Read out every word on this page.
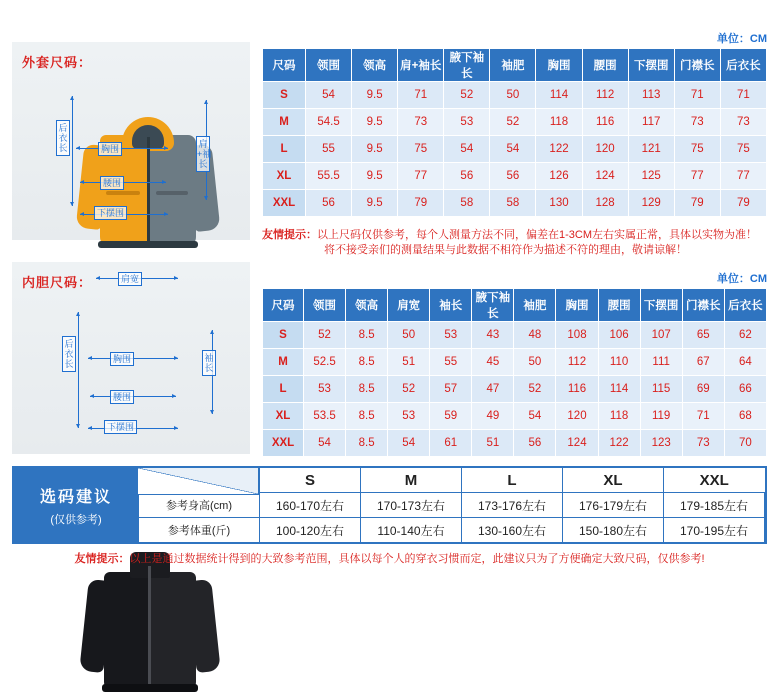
外套尺码：
后衣长	胸围
腰围
下摆围
肩+袖长
内胆尺码：	肩宽
后衣长	胸围
腰围
下摆围
袖长
单位：CM
单位：CM
尺码	领围	领高	肩+袖长	腋下袖长	袖肥	胸围	腰围	下摆围	门襟长	后衣长
S	54	9.5	71	52	50	114	112	113	71	71
M	54.5	9.5	73	53	52	118	116	117	73	73
L	55	9.5	75	54	54	122	120	121	75	75
XL	55.5	9.5	77	56	56	126	124	125	77	77
XXL	56	9.5	79	58	58	130	128	129	79	79
友情提示：以上尺码仅供参考，每个人测量方法不同，偏差在1-3CM左右实属正常，具体以实物为准！
将不接受亲们的测量结果与此数据不相符作为描述不符的理由，敬请谅解！
尺码	领围	领高	肩宽	袖长	腋下袖长	袖肥	胸围	腰围	下摆围	门襟长	后衣长
S	52	8.5	50	53	43	48	108	106	107	65	62
M	52.5	8.5	51	55	45	50	112	110	111	67	64
L	53	8.5	52	57	47	52	116	114	115	69	66
XL	53.5	8.5	53	59	49	54	120	118	119	71	68
XXL	54	8.5	54	61	51	56	124	122	123	73	70
选码建议
(仅供参考)
	S	M	L	XL	XXL
参考身高(cm)	160-170左右	170-173左右	173-176左右	176-179左右	179-185左右
参考体重(斤)	100-120左右	110-140左右	130-160左右	150-180左右	170-195左右
友情提示：以上是通过数据统计得到的大致参考范围，具体以每个人的穿衣习惯而定，此建议只为了方便确定大致尺码，仅供参考!
